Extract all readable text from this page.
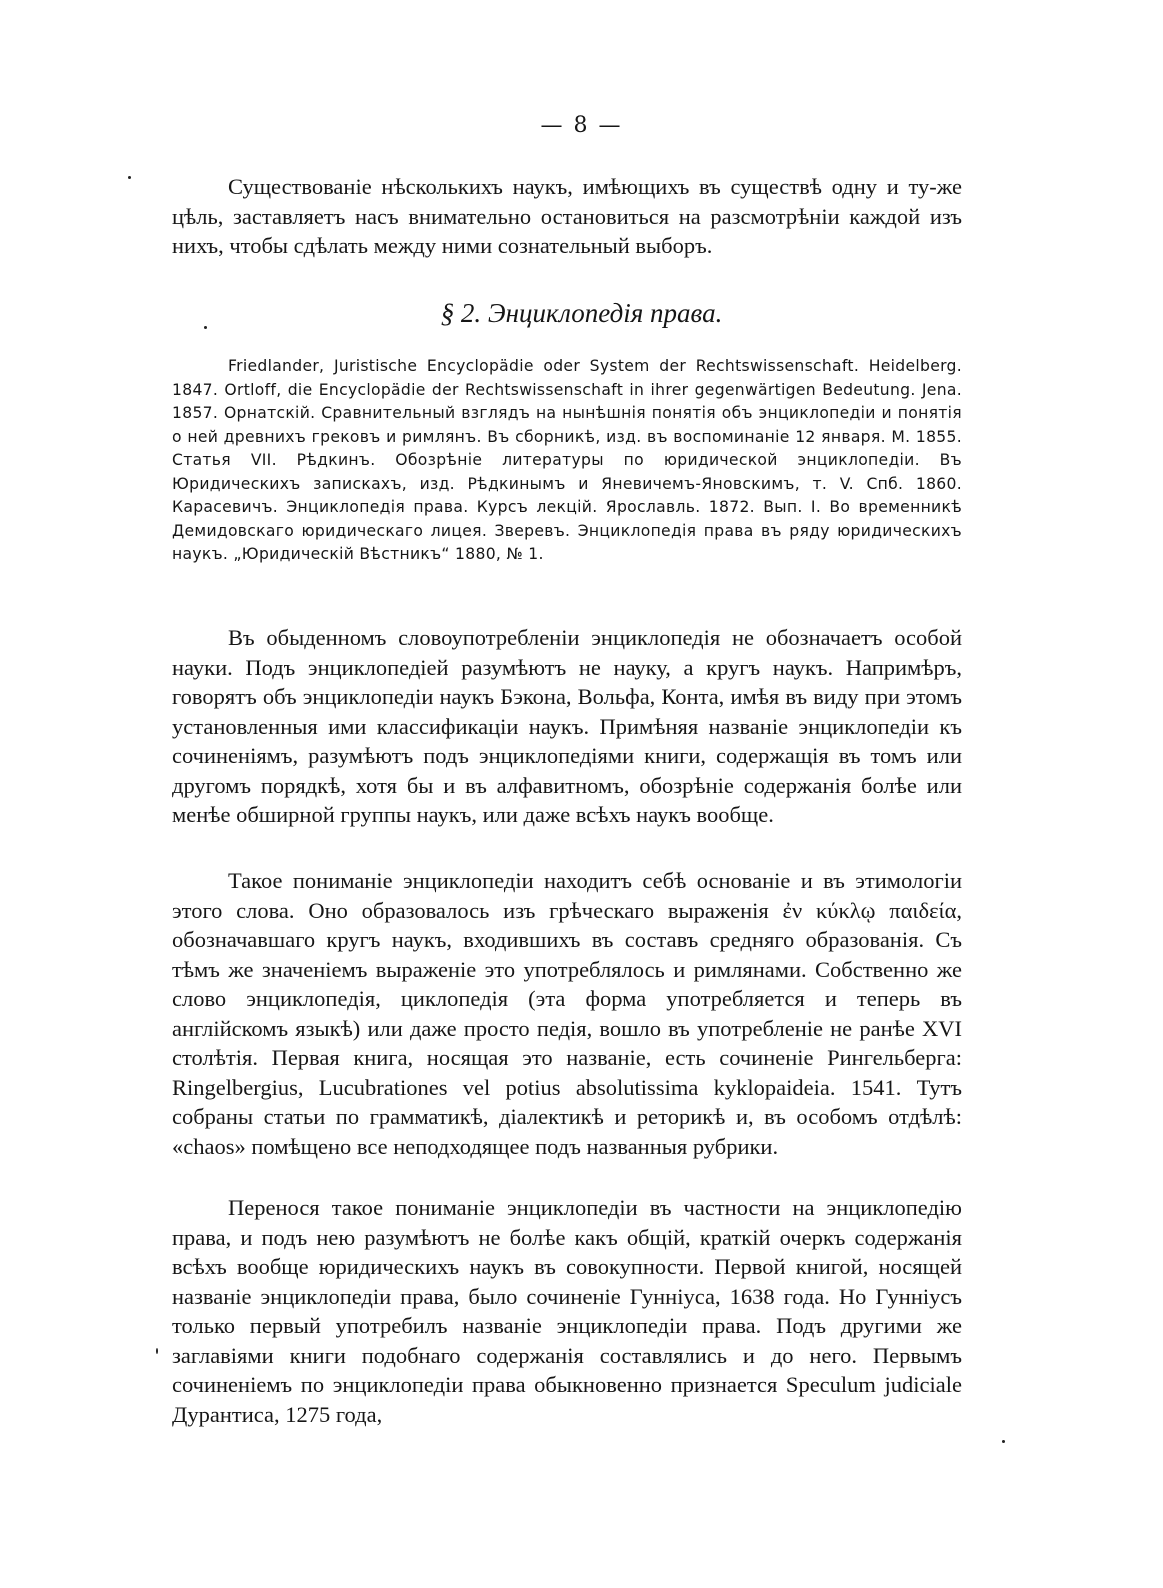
— 8 —

Существованіе нѣсколькихъ наукъ, имѣющихъ въ существѣ одну и ту-же цѣль, заставляетъ насъ внимательно остановиться на разсмотрѣніи каждой изъ нихъ, чтобы сдѣлать между ними сознательный выборъ.

§ 2. Энциклопедія права.

Friedlander, Juristische Encyclopädie oder System der Rechtswissenschaft. Heidelberg. 1847. Ortloff, die Encyclopädie der Rechtswissenschaft in ihrer gegenwärtigen Bedeutung. Jena. 1857. Орнатскій. Сравнительный взглядъ на нынѣшнія понятія объ энциклопедіи и понятія о ней древнихъ грековъ и римлянъ. Въ сборникѣ, изд. въ воспоминаніе 12 января. М. 1855. Статья VII. Рѣдкинъ. Обозрѣніе литературы по юридической энциклопедіи. Въ Юридическихъ запискахъ, изд. Рѣдкинымъ и Яневичемъ-Яновскимъ, т. V. Спб. 1860. Карасевичъ. Энциклопедія права. Курсъ лекцій. Ярославль. 1872. Вып. I. Во временникѣ Демидовскаго юридическаго лицея. Зверевъ. Энциклопедія права въ ряду юридическихъ наукъ. „Юридическій Вѣстникъ“ 1880, № 1.

Въ обыденномъ словоупотребленіи энциклопедія не обозначаетъ особой науки. Подъ энциклопедіей разумѣютъ не науку, а кругъ наукъ. Напримѣръ, говорятъ объ энциклопедіи наукъ Бэкона, Вольфа, Конта, имѣя въ виду при этомъ установленныя ими классификаціи наукъ. Примѣняя названіе энциклопедіи къ сочиненіямъ, разумѣютъ подъ энциклопедіями книги, содержащія въ томъ или другомъ порядкѣ, хотя бы и въ алфавитномъ, обозрѣніе содержанія болѣе или менѣе обширной группы наукъ, или даже всѣхъ наукъ вообще.

Такое пониманіе энциклопедіи находитъ себѣ основаніе и въ этимологіи этого слова. Оно образовалось изъ грѣческаго выраженія ἐν κύκλῳ παιδεία, обозначавшаго кругъ наукъ, входившихъ въ составъ средняго образованія. Съ тѣмъ же значеніемъ выраженіе это употреблялось и римлянами. Собственно же слово энциклопедія, циклопедія (эта форма употребляется и теперь въ англійскомъ языкѣ) или даже просто педія, вошло въ употребленіе не ранѣе XVI столѣтія. Первая книга, носящая это названіе, есть сочиненіе Рингельберга: Ringelbergius, Lucubrationes vel potius absolutissima kyklopaideia. 1541. Тутъ собраны статьи по грамматикѣ, діалектикѣ и реторикѣ и, въ особомъ отдѣлѣ: «chaos» помѣщено все неподходящее подъ названныя рубрики.

Перенося такое пониманіе энциклопедіи въ частности на энциклопедію права, и подъ нею разумѣютъ не болѣе какъ общій, краткій очеркъ содержанія всѣхъ вообще юридическихъ наукъ въ совокупности. Первой книгой, носящей названіе энциклопедіи права, было сочиненіе Гунніуса, 1638 года. Но Гунніусъ только первый употребилъ названіе энциклопедіи права. Подъ другими же заглавіями книги подобнаго содержанія составлялись и до него. Первымъ сочиненіемъ по энциклопедіи права обыкновенно признается Speculum judiciale Дурантиса, 1275 года,
